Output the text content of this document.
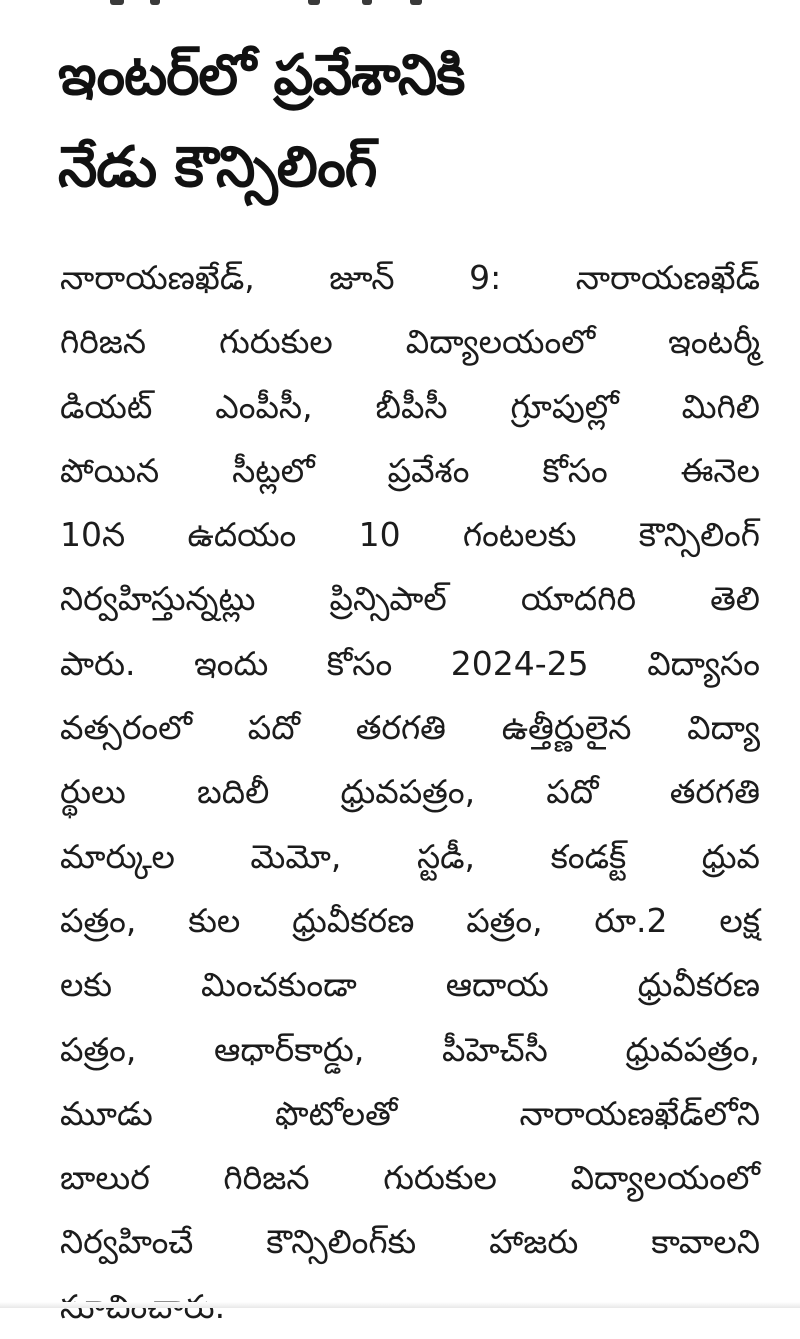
ఇంటర్‌లో ప్రవేశానికి
నేడు కౌన్సిలింగ్
నారాయణఖేడ్, జూన్ 9: నారాయణఖేడ్
గిరిజన గురుకుల విద్యాలయంలో ఇంటర్మీ
డియట్ ఎంపీసీ, బీపీసీ గ్రూపుల్లో మిగిలి
పోయిన సీట్లలో ప్రవేశం కోసం ఈనెల
10న ఉదయం 10 గంటలకు కౌన్సిలింగ్
నిర్వహిస్తున్నట్లు ప్రిన్సిపాల్ యాదగిరి తెలి
పారు. ఇందు కోసం 2024-25 విద్యాసం
వత్సరంలో పదో తరగతి ఉత్తీర్ణులైన విద్యా
ర్థులు బదిలీ ధ్రువపత్రం, పదో తరగతి
మార్కుల మెమో, స్టడీ, కండక్ట్ ధ్రువ
పత్రం, కుల ధ్రువీకరణ పత్రం, రూ.2 లక్ష
లకు మించకుండా ఆదాయ ధ్రువీకరణ
పత్రం, ఆధార్‌కార్డు, పీహెచ్‌సీ ధ్రువపత్రం,
మూడు ఫొటోలతో నారాయణఖేడ్‌లోని
బాలుర గిరిజన గురుకుల విద్యాలయంలో
నిర్వహించే కౌన్సిలింగ్‌కు హాజరు కావాలని
